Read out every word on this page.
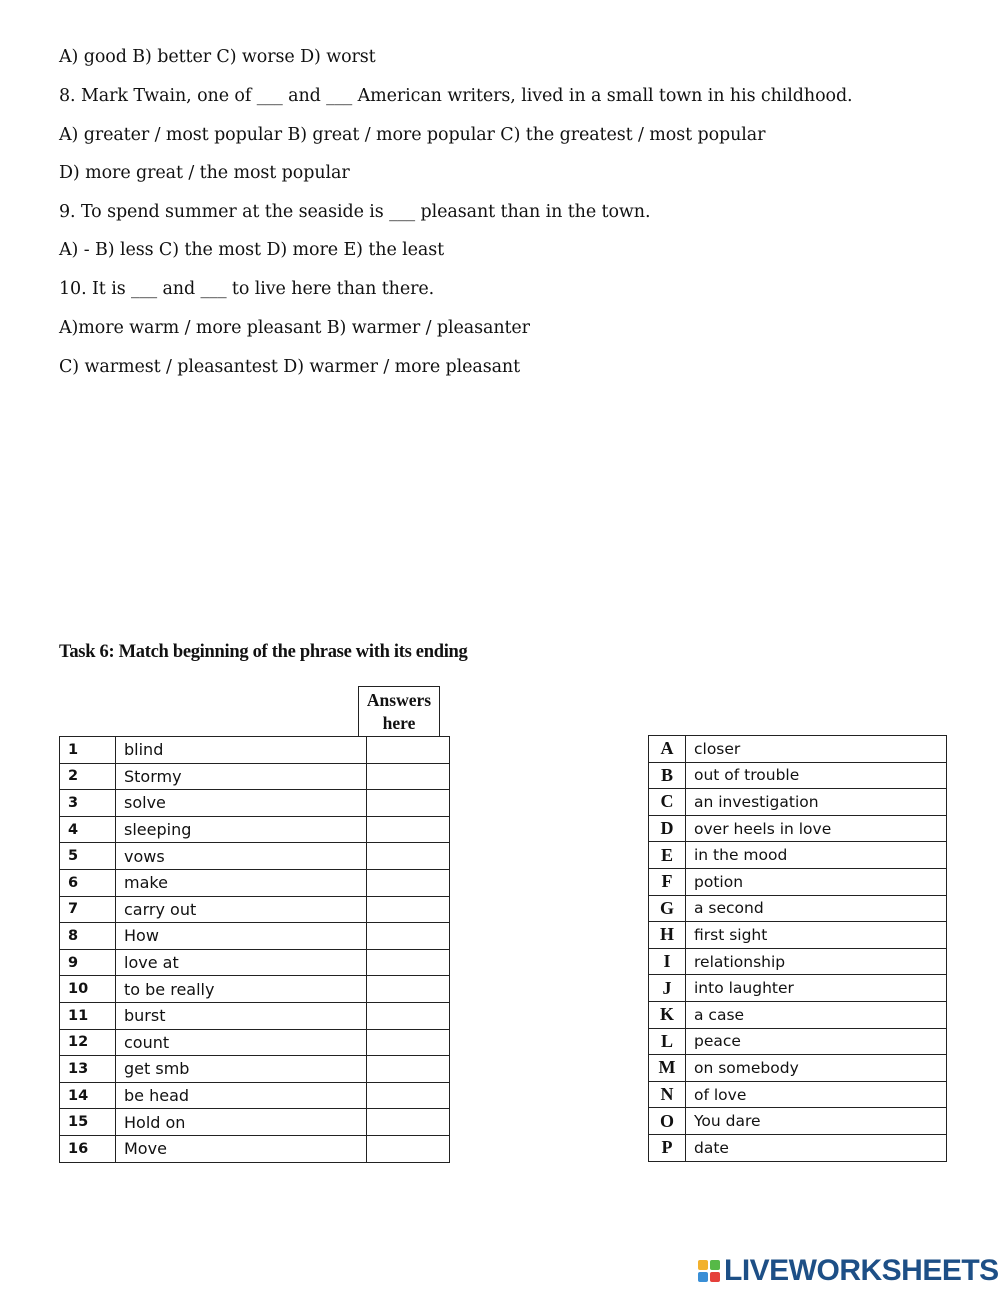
A) good B) better C) worse D) worst
8. Mark Twain, one of ___ and ___ American writers, lived in a small town in his childhood.
A) greater / most popular B) great / more popular C) the greatest / most popular
D) more great / the most popular
9. To spend summer at the seaside is ___ pleasant than in the town.
A) - B) less C) the most D) more E) the least
10. It is ___ and ___ to live here than there.
A)more warm / more pleasant B) warmer / pleasanter
C) warmest / pleasantest D) warmer / more pleasant
Task 6: Match beginning of the phrase with its ending
Answers here
1	blind	
2	Stormy	
3	solve	
4	sleeping	
5	vows	
6	make	
7	carry out	
8	How	
9	love at	
10	to be really	
11	burst	
12	count	
13	get smb	
14	be head	
15	Hold on	
16	Move	
A	closer
B	out of trouble
C	an investigation
D	over heels in love
E	in the mood
F	potion
G	a second
H	first sight
I	relationship
J	into laughter
K	a case
L	peace
M	on somebody
N	of love
O	You dare
P	date
LIVEWORKSHEETS
